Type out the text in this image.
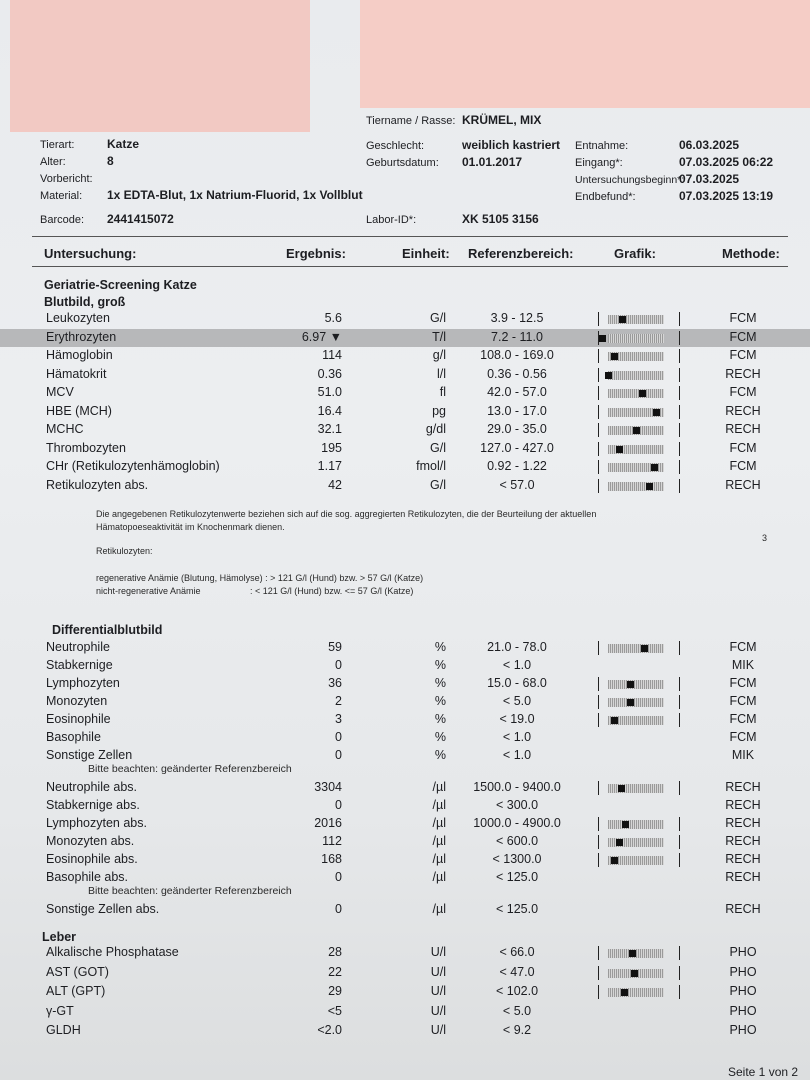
Tiername / Rasse: KRÜMEL, MIX
Tierart:	Katze
Alter:	8
Vorbericht:
Material: 1x EDTA-Blut, 1x Natrium-Fluorid, 1x Vollblut
Barcode: 2441415072
Geschlecht:	weiblich kastriert
Geburtsdatum: 01.01.2017
Labor-ID*:	XK 5105 3156
Entnahme:	06.03.2025
Eingang*:	07.03.2025 06:22
Untersuchungsbeginn*:
07.03.2025
Endbefund*:	07.03.2025 13:19
Untersuchung:	Ergebnis:	Einheit: Referenzbereich:	Grafik:	Methode:
Geriatrie-Screening Katze
Blutbild, groß
Leukozyten	5.6	G/l	3.9 - 12.5	FCM
Erythrozyten	6.97 ▼	T/l	7.2 - 11.0	FCM
Hämoglobin	114	g/l	108.0 - 169.0	FCM
Hämatokrit	0.36	l/l	0.36 - 0.56	RECH
MCV	51.0	fl	42.0 - 57.0	FCM
HBE (MCH)	16.4	pg	13.0 - 17.0	RECH
MCHC	32.1	g/dl	29.0 - 35.0	RECH
Thrombozyten	195	G/l	127.0 - 427.0	FCM
CHr (Retikulozytenhämoglobin)	1.17	fmol/l	0.92 - 1.22	FCM
Retikulozyten abs.	42	G/l	< 57.0	RECH
Die angegebenen Retikulozytenwerte beziehen sich auf die sog. aggregierten Retikulozyten, die der Beurteilung der aktuellen
Hämatopoeseaktivität im Knochenmark dienen.
3
Retikulozyten:
regenerative Anämie (Blutung, Hämolyse) : > 121 G/l (Hund) bzw. > 57 G/l (Katze)
nicht-regenerative Anämie	: < 121 G/l (Hund) bzw. <= 57 G/l (Katze)
Differentialblutbild
Neutrophile	59	%	21.0 - 78.0	FCM
Stabkernige	0	%	< 1.0	MIK
Lymphozyten	36	%	15.0 - 68.0	FCM
Monozyten	2	%	< 5.0	FCM
Eosinophile	3	%	< 19.0	FCM
Basophile	0	%	< 1.0	FCM
Sonstige Zellen	0	%	< 1.0	MIK
Bitte beachten: geänderter Referenzbereich
Neutrophile abs.	3304	/µl	1500.0 - 9400.0	RECH
Stabkernige abs.	0	/µl	< 300.0	RECH
Lymphozyten abs.	2016	/µl	1000.0 - 4900.0	RECH
Monozyten abs.	112	/µl	< 600.0	RECH
Eosinophile abs.	168	/µl	< 1300.0	RECH
Basophile abs.	0	/µl	< 125.0	RECH
Bitte beachten: geänderter Referenzbereich
Sonstige Zellen abs.	0	/µl	< 125.0	RECH
Leber
Alkalische Phosphatase	28	U/l	< 66.0	PHO
AST (GOT)	22	U/l	< 47.0	PHO
ALT (GPT)	29	U/l	< 102.0	PHO
γ-GT	<5	U/l	< 5.0	PHO
GLDH	<2.0	U/l	< 9.2	PHO
Seite 1 von 2
